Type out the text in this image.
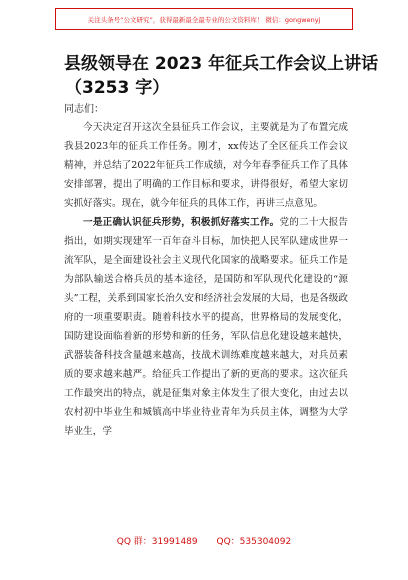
关注头条号“公文研究”，获得最新最全最专业的公文资料库！ 微信：gongwenyj
县级领导在 2023 年征兵工作会议上讲话
（3253 字）
同志们：

今天决定召开这次全县征兵工作会议，主要就是为了布置完成我县2023年的征兵工作任务。刚才，xx传达了全区征兵工作会议精神，并总结了2022年征兵工作成绩，对今年春季征兵工作了具体安排部署，提出了明确的工作目标和要求，讲得很好，希望大家切实抓好落实。现在，就今年征兵的具体工作，再讲三点意见。

一是正确认识征兵形势，积极抓好落实工作。党的二十大报告指出，如期实现建军一百年奋斗目标，加快把人民军队建成世界一流军队，是全面建设社会主义现代化国家的战略要求。征兵工作是为部队输送合格兵员的基本途径，是国防和军队现代化建设的“源头”工程，关系到国家长治久安和经济社会发展的大局，也是各级政府的一项重要职责。随着科技水平的提高，世界格局的发展变化，国防建设面临着新的形势和新的任务，军队信息化建设越来越快，武器装备科技含量越来越高，技战术训练难度越来越大，对兵员素质的要求越来越严。给征兵工作提出了新的更高的要求。这次征兵工作最突出的特点，就是征集对象主体发生了很大变化，由过去以农村初中毕业生和城镇高中毕业待业青年为兵员主体，调整为大学毕业生，学

QQ 群：31991489 QQ：535304092
